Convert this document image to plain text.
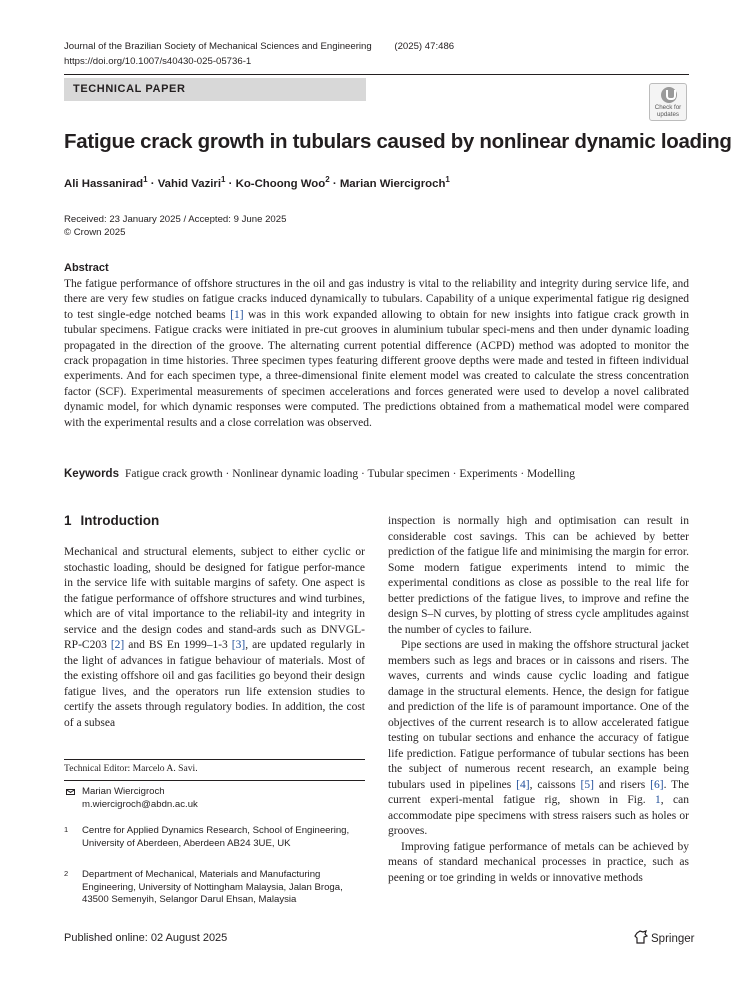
Journal of the Brazilian Society of Mechanical Sciences and Engineering (2025) 47:486
https://doi.org/10.1007/s40430-025-05736-1
TECHNICAL PAPER
Check for
updates
Fatigue crack growth in tubulars caused by nonlinear dynamic loading
Ali Hassanirad$^1$ · Vahid Vaziri$^1$ · Ko-Choong Woo$^2$ · Marian Wiercigroch$^1$
Received: 23 January 2025 / Accepted: 9 June 2025
© Crown 2025
Abstract

The fatigue performance of offshore structures in the oil and gas industry is vital to the reliability and integrity during service life, and there are very few studies on fatigue cracks induced dynamically to tubulars. Capability of a unique experimental fatigue rig designed to test single-edge notched beams [1] was in this work expanded allowing to obtain for new insights into fatigue crack growth in tubular specimens. Fatigue cracks were initiated in pre-cut grooves in aluminium tubular speci-mens and then under dynamic loading propagated in the direction of the groove. The alternating current potential difference (ACPD) method was adopted to monitor the crack propagation in time histories. Three specimen types featuring different groove depths were made and tested in fifteen individual experiments. And for each specimen type, a three-dimensional finite element model was created to calculate the stress concentration factor (SCF). Experimental measurements of specimen accelerations and forces generated were used to develop a novel calibrated dynamic model, for which dynamic responses were computed. The predictions obtained from a mathematical model were compared with the experimental results and a close correlation was observed.

Keywords Fatigue crack growth · Nonlinear dynamic loading · Tubular specimen · Experiments · Modelling
1 Introduction

Mechanical and structural elements, subject to either cyclic or stochastic loading, should be designed for fatigue perfor-mance in the service life with suitable margins of safety. One aspect is the fatigue performance of offshore structures and wind turbines, which are of vital importance to the reliabil-ity and integrity in service and the design codes and stand-ards such as DNVGL-RP-C203 [2] and BS En 1999–1-3 [3], are updated regularly in the light of advances in fatigue behaviour of materials. Most of the existing offshore oil and gas facilities go beyond their design fatigue lives, and the operators run life extension studies to certify the assets through regulatory bodies. In addition, the cost of a subsea

inspection is normally high and optimisation can result in considerable cost savings. This can be achieved by better prediction of the fatigue life and minimising the margin for error. Some modern fatigue experiments intend to mimic the experimental conditions as close as possible to the real life for better predictions of the fatigue lives, to improve and refine the design S–N curves, by plotting of stress cycle amplitudes against the number of cycles to failure.

Pipe sections are used in making the offshore structural jacket members such as legs and braces or in caissons and risers. The waves, currents and winds cause cyclic loading and fatigue damage in the structural elements. Hence, the design for fatigue and prediction of the life is of paramount importance. One of the objectives of the current research is to allow accelerated fatigue testing on tubular sections and enhance the accuracy of fatigue life prediction. Fatigue performance of tubular sections has been the subject of numerous recent research, an example being tubulars used in pipelines [4], caissons [5] and risers [6]. The current experi-mental fatigue rig, shown in Fig. 1, can accommodate pipe specimens with stress raisers such as holes or grooves.

Improving fatigue performance of metals can be achieved by means of standard mechanical processes in practice, such as peening or toe grinding in welds or innovative methods

Technical Editor: Marcelo A. Savi.
Marian Wiercigroch
m.wiercigroch@abdn.ac.uk
1 Centre for Applied Dynamics Research, School of Engineering, University of Aberdeen, Aberdeen AB24 3UE, UK
2 Department of Mechanical, Materials and Manufacturing Engineering, University of Nottingham Malaysia, Jalan Broga, 43500 Semenyih, Selangor Darul Ehsan, Malaysia
Published online: 02 August 2025	Springer
